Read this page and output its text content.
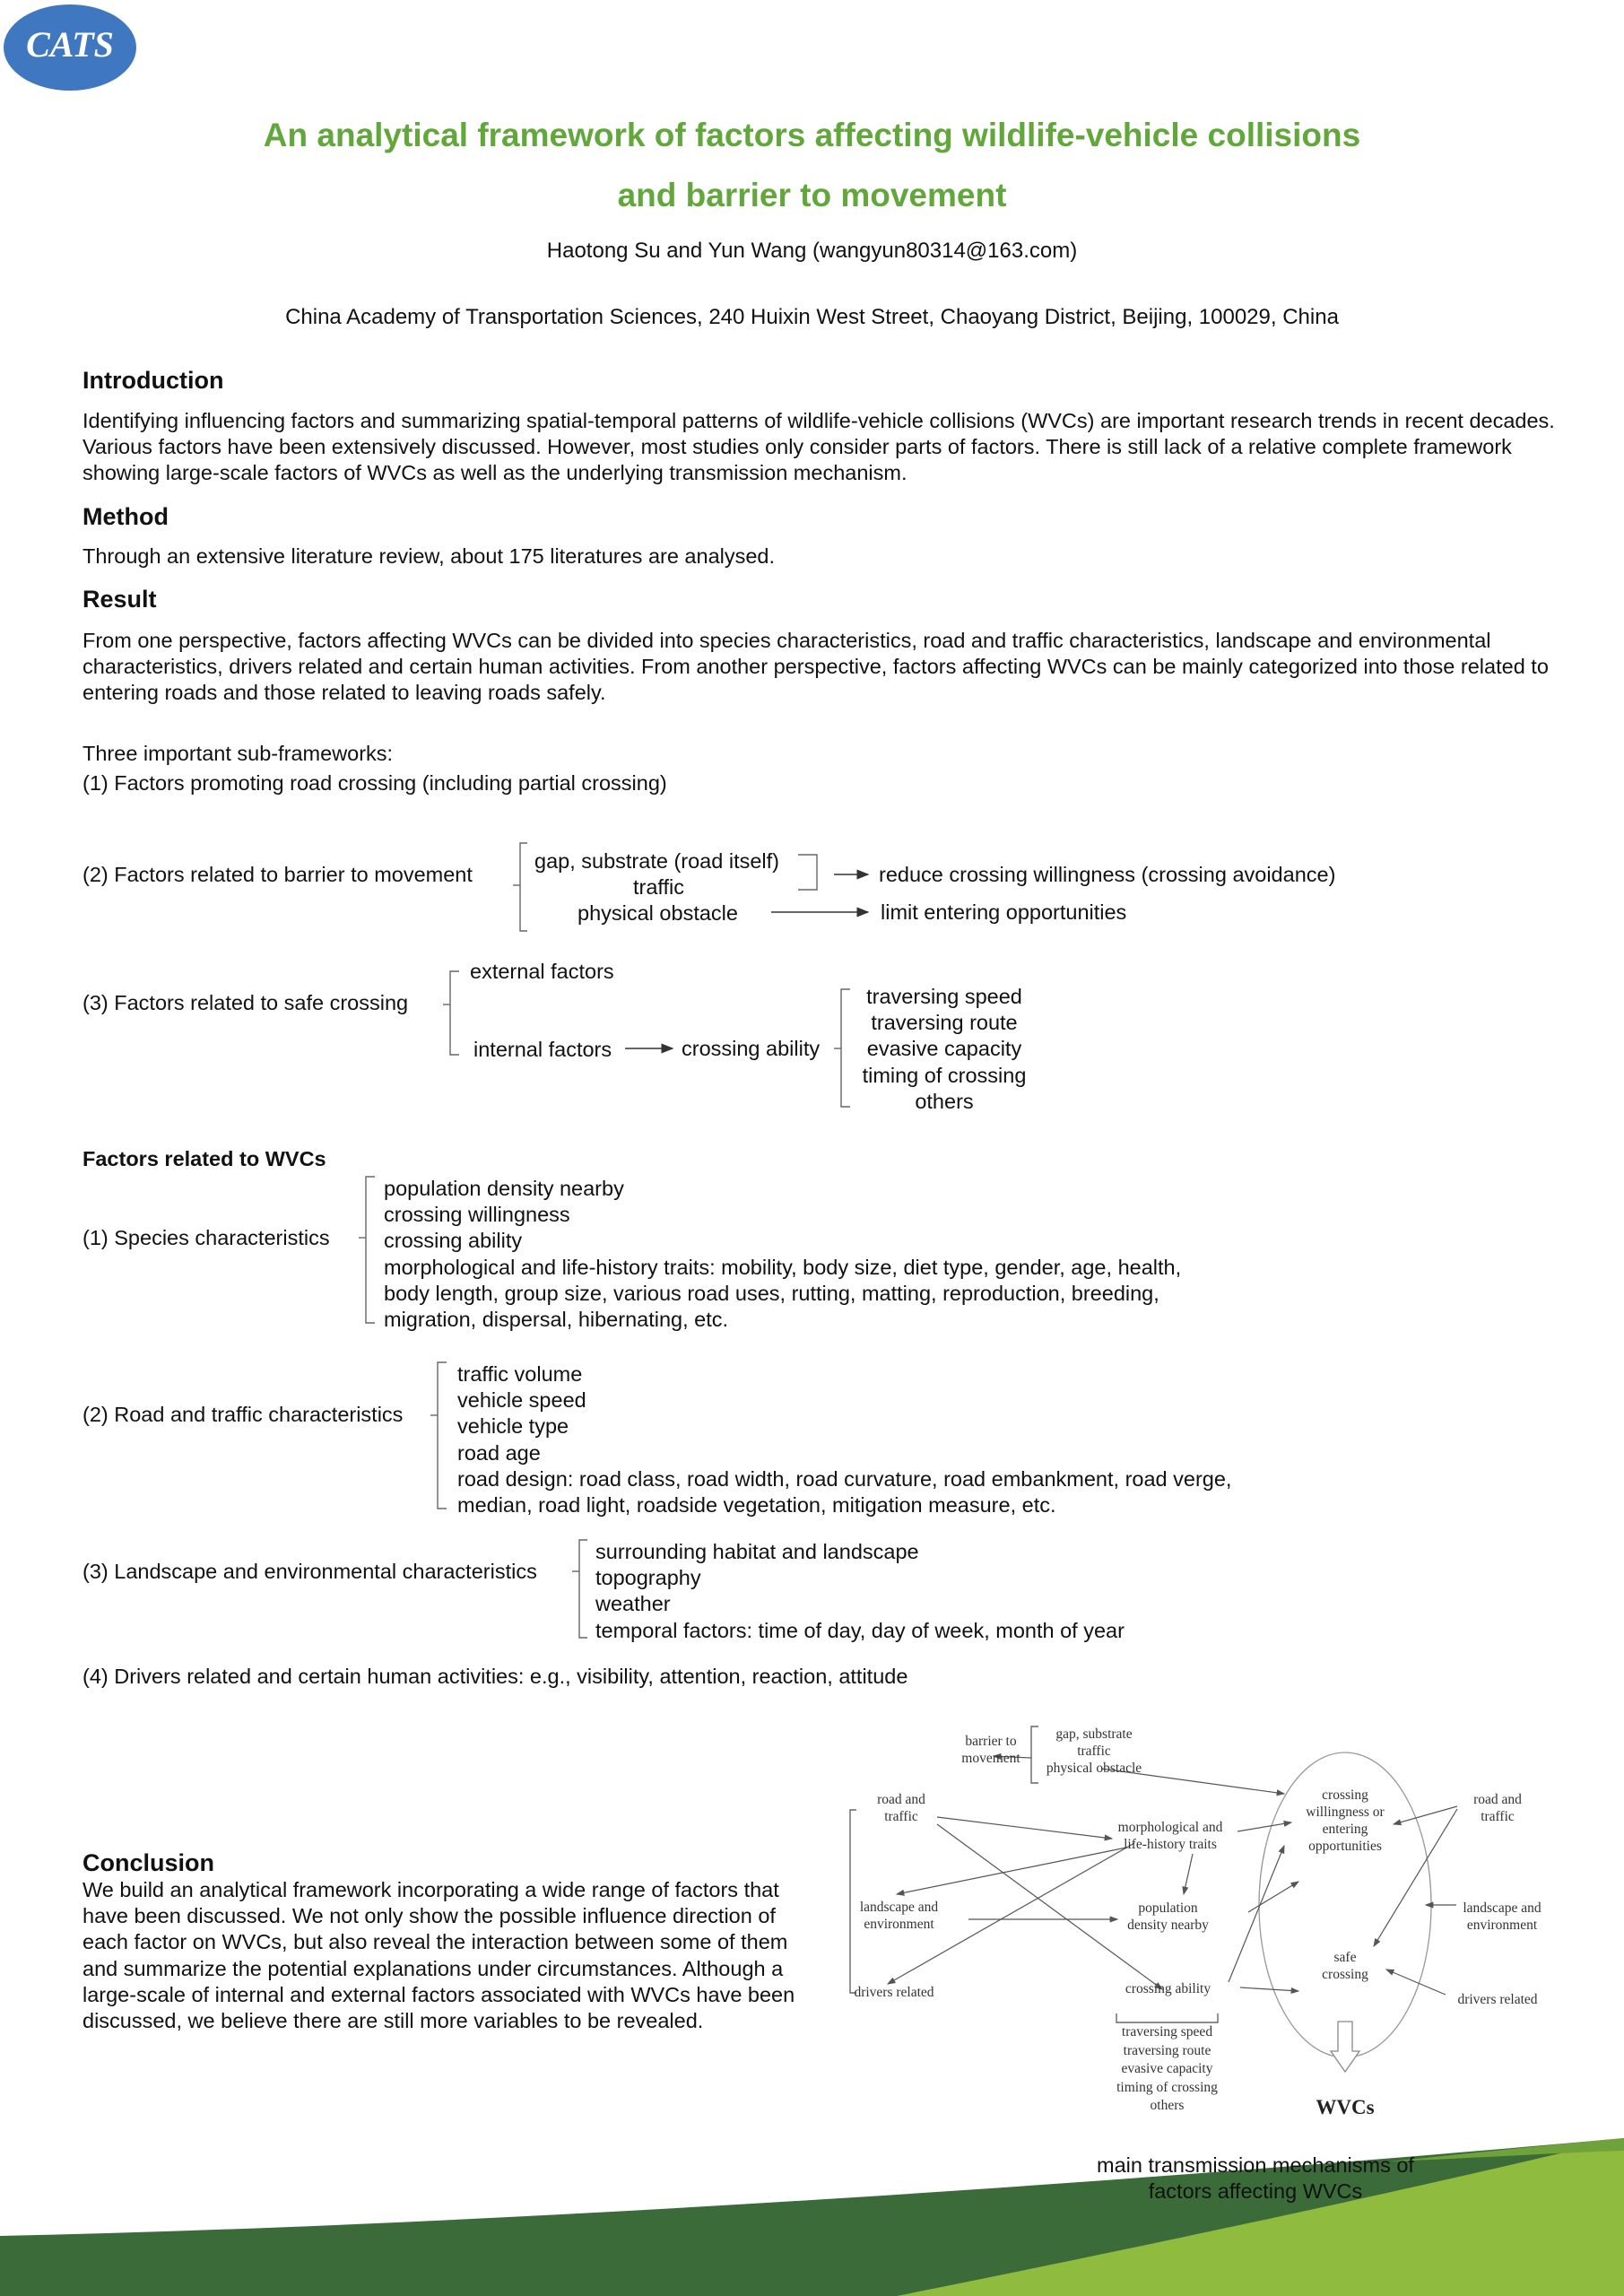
CATS
An analytical framework of factors affecting wildlife-vehicle collisions
and barrier to movement
Haotong Su and Yun Wang (wangyun80314@163.com)
China Academy of Transportation Sciences, 240 Huixin West Street, Chaoyang District, Beijing, 100029, China
Introduction
Identifying influencing factors and summarizing spatial-temporal patterns of wildlife-vehicle collisions (WVCs) are important research trends in recent decades. Various factors have been extensively discussed. However, most studies only consider parts of factors. There is still lack of a relative complete framework showing large-scale factors of WVCs as well as the underlying transmission mechanism.
Method
Through an extensive literature review, about 175 literatures are analysed.
Result
From one perspective, factors affecting WVCs can be divided into species characteristics, road and traffic characteristics, landscape and environmental characteristics, drivers related and certain human activities. From another perspective, factors affecting WVCs can be mainly categorized into those related to entering roads and those related to leaving roads safely.
Three important sub-frameworks:
(1) Factors promoting road crossing (including partial crossing)
(2) Factors related to barrier to movement
gap, substrate (road itself)
traffic
physical obstacle
reduce crossing willingness (crossing avoidance)
limit entering opportunities
(3) Factors related to safe crossing
external factors
internal factors	crossing ability
traversing speed
traversing route
evasive capacity
timing of crossing
others
Factors related to WVCs
(1) Species characteristics
population density nearby
crossing willingness
crossing ability
morphological and life-history traits: mobility, body size, diet type, gender, age, health,
body length, group size, various road uses, rutting, matting, reproduction, breeding,
migration, dispersal, hibernating, etc.
(2) Road and traffic characteristics
traffic volume
vehicle speed
vehicle type
road age
road design: road class, road width, road curvature, road embankment, road verge,
median, road light, roadside vegetation, mitigation measure, etc.
(3) Landscape and environmental characteristics
surrounding habitat and landscape
topography
weather
temporal factors: time of day, day of week, month of year
(4) Drivers related and certain human activities: e.g., visibility, attention, reaction, attitude
Conclusion
We build an analytical framework incorporating a wide range of factors that
have been discussed. We not only show the possible influence direction of
each factor on WVCs, but also reveal the interaction between some of them
and summarize the potential explanations under circumstances. Although a
large-scale of internal and external factors associated with WVCs have been
discussed, we believe there are still more variables to be revealed.
barrier to
movement
gap, substrate
traffic
physical obstacle
road and
traffic
morphological and
life-history traits
crossing
willingness or
entering
opportunities
road and
traffic
landscape and
environment
population
density nearby
landscape and
environment
safe
crossing
drivers related	crossing ability
drivers related
traversing speed
traversing route
evasive capacity
timing of crossing
others	WVCs
main transmission mechanisms of
factors affecting WVCs
